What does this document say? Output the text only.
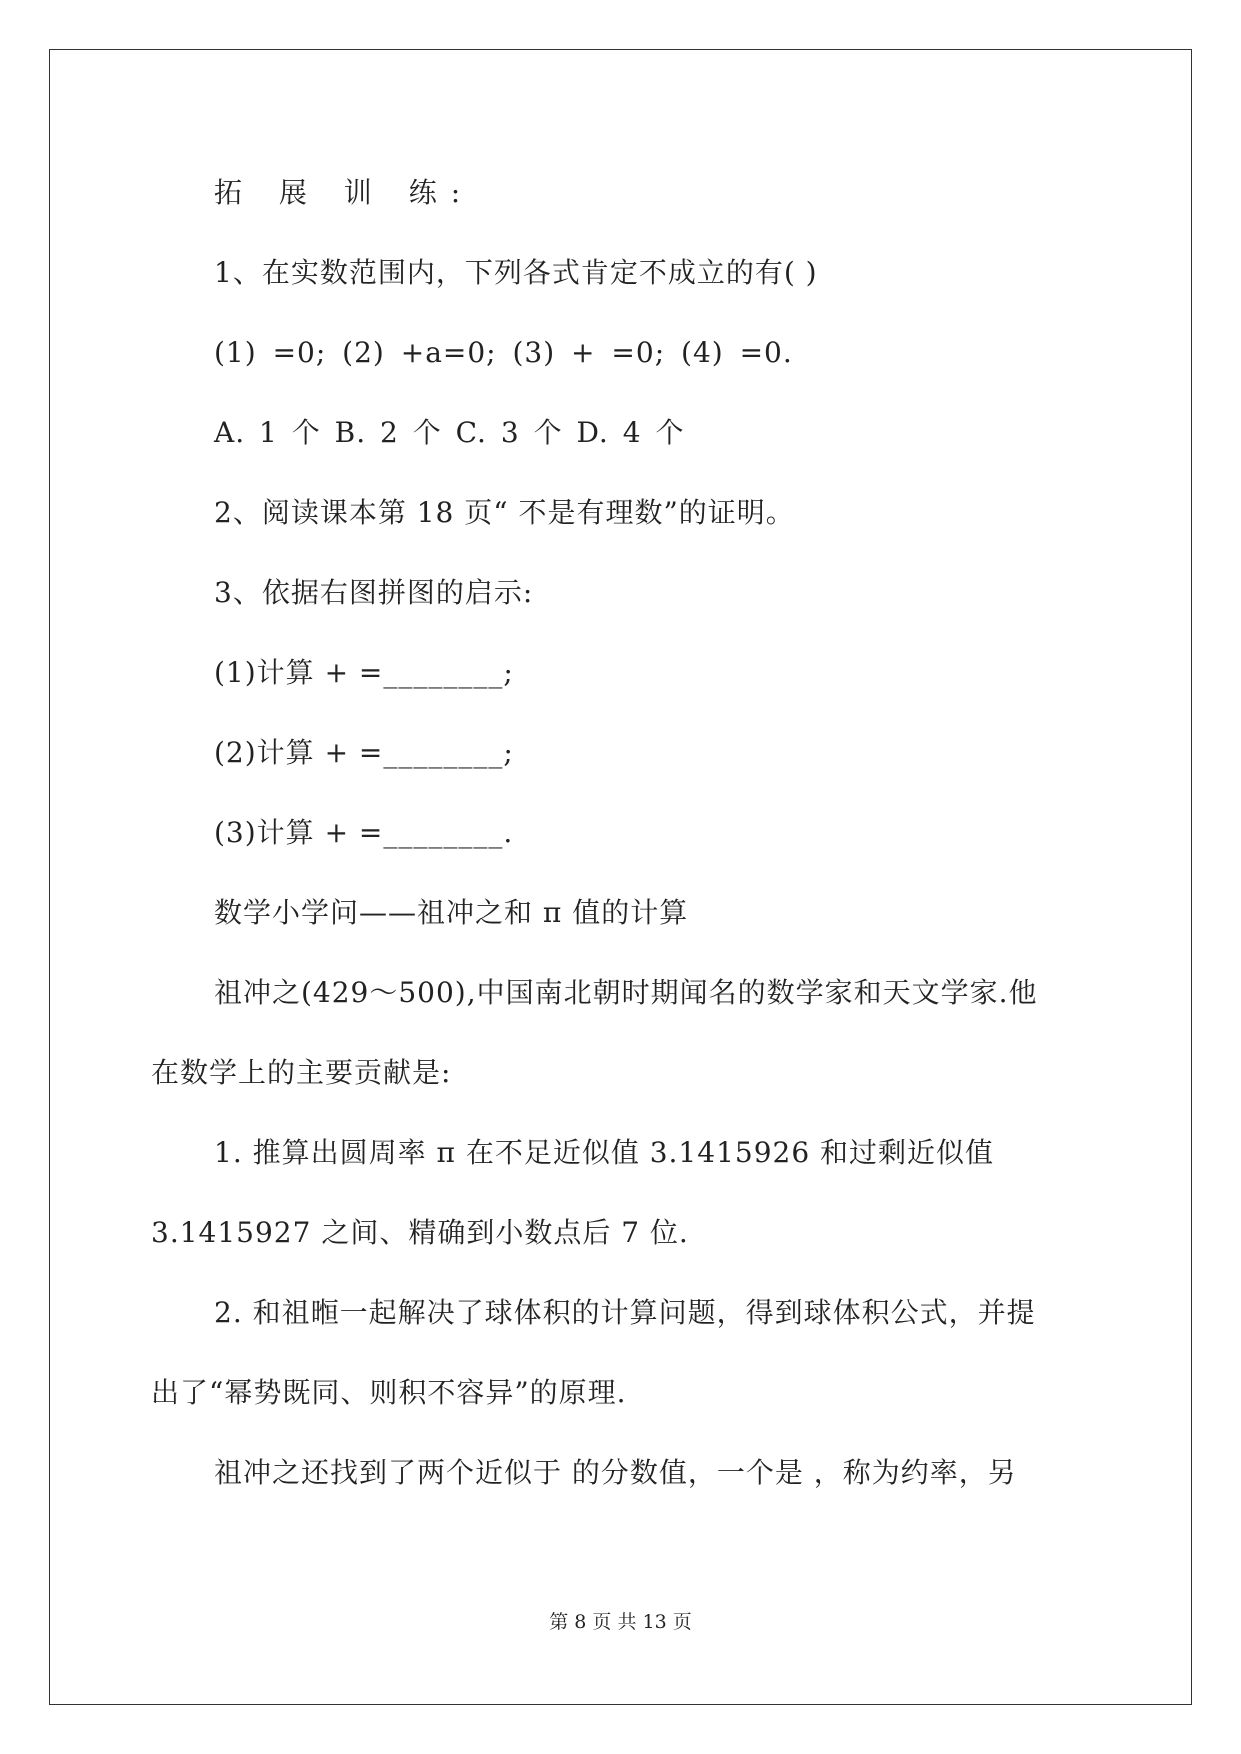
拓 展 训 练:
1、在实数范围内，下列各式肯定不成立的有( )
(1) =0; (2) +a=0; (3) + =0; (4) =0.
A. 1 个 B. 2 个 C. 3 个 D. 4 个
2、阅读课本第 18 页“ 不是有理数”的证明。
3、依据右图拼图的启示:
(1)计算 + =________;
(2)计算 + =________;
(3)计算 + =________.
数学小学问——祖冲之和 π 值的计算
祖冲之(429～500),中国南北朝时期闻名的数学家和天文学家.他
在数学上的主要贡献是:
1. 推算出圆周率 π 在不足近似值 3.1415926 和过剩近似值
3.1415927 之间、精确到小数点后 7 位.
2. 和祖暅一起解决了球体积的计算问题，得到球体积公式，并提
出了“幂势既同、则积不容异”的原理.
祖冲之还找到了两个近似于 的分数值，一个是 ，称为约率，另
第 8 页 共 13 页
